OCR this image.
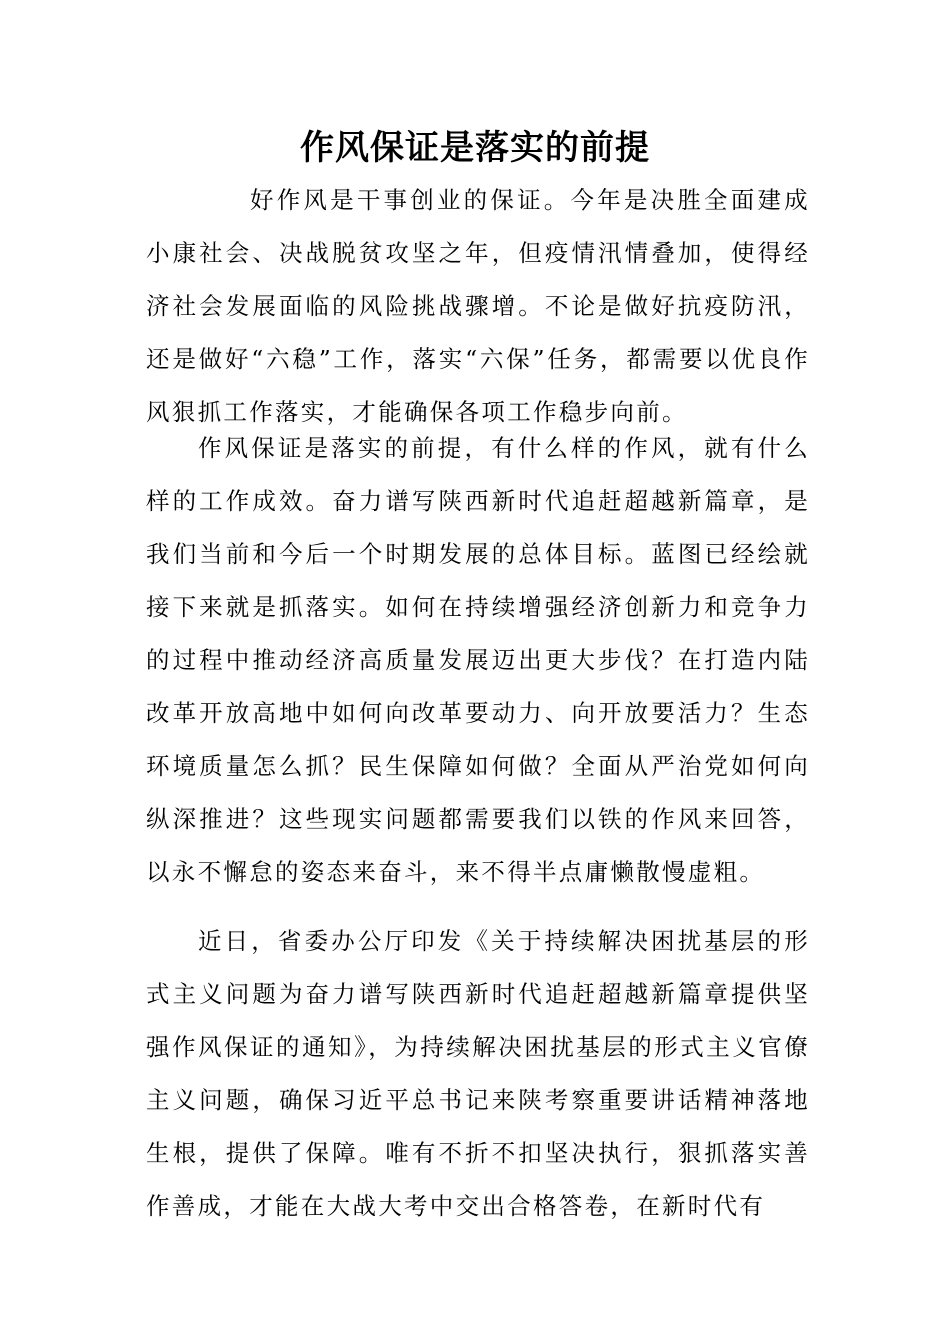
作风保证是落实的前提

好作风是干事创业的保证。今年是决胜全面建成小康社会、决战脱贫攻坚之年，但疫情汛情叠加，使得经济社会发展面临的风险挑战骤增。不论是做好抗疫防汛，还是做好“六稳”工作，落实“六保”任务，都需要以优良作风狠抓工作落实，才能确保各项工作稳步向前。

作风保证是落实的前提，有什么样的作风，就有什么样的工作成效。奋力谱写陕西新时代追赶超越新篇章，是我们当前和今后一个时期发展的总体目标。蓝图已经绘就接下来就是抓落实。如何在持续增强经济创新力和竞争力的过程中推动经济高质量发展迈出更大步伐？在打造内陆改革开放高地中如何向改革要动力、向开放要活力？生态环境质量怎么抓？民生保障如何做？全面从严治党如何向纵深推进？这些现实问题都需要我们以铁的作风来回答，以永不懈怠的姿态来奋斗，来不得半点庸懒散慢虚粗。

近日，省委办公厅印发《关于持续解决困扰基层的形式主义问题为奋力谱写陕西新时代追赶超越新篇章提供坚强作风保证的通知》，为持续解决困扰基层的形式主义官僚主义问题，确保习近平总书记来陕考察重要讲话精神落地生根，提供了保障。唯有不折不扣坚决执行，狠抓落实善作善成，才能在大战大考中交出合格答卷，在新时代有
